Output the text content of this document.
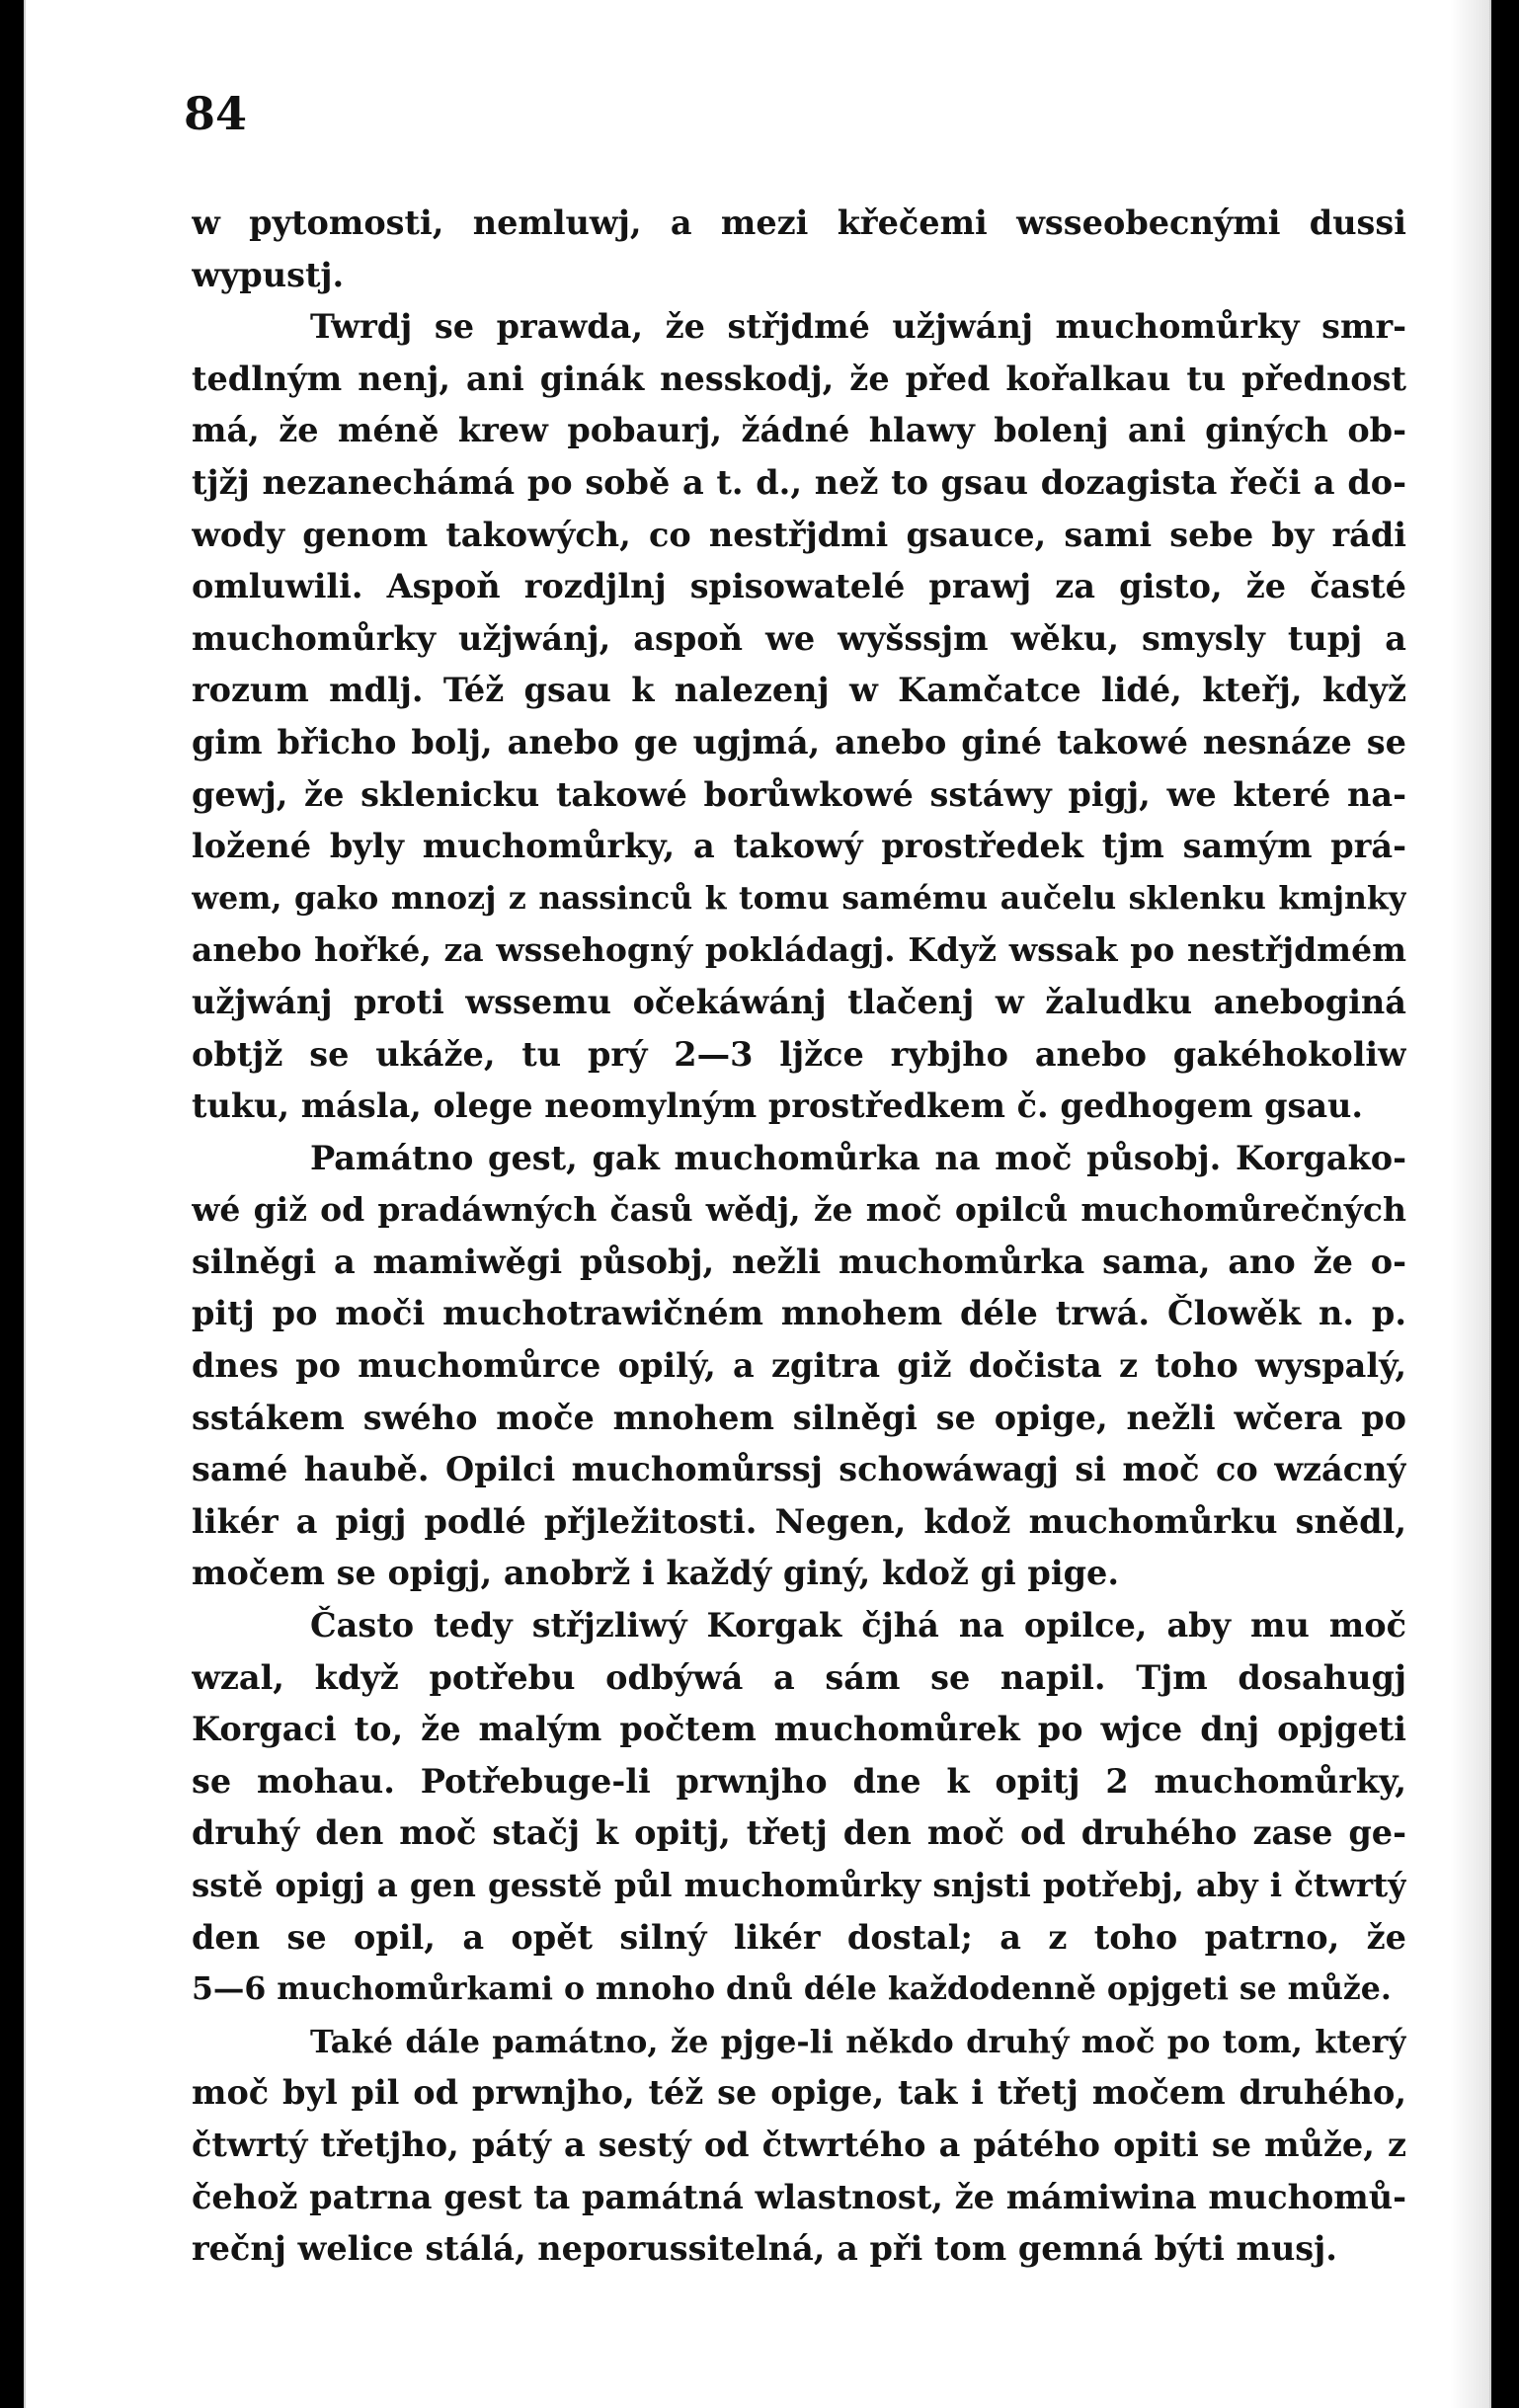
84
w pytomosti, nemluwj, a mezi křečemi wsseobecnými dussi
wypustj.
Twrdj se prawda, že střjdmé užjwánj muchomůrky smr-
tedlným nenj, ani ginák nesskodj, že před kořalkau tu přednost
má, že méně krew pobaurj, žádné hlawy bolenj ani giných ob-
tjžj nezanechámá po sobě a t. d., než to gsau dozagista řeči a do-
wody genom takowých, co nestřjdmi gsauce, sami sebe by rádi
omluwili. Aspoň rozdjlnj spisowatelé prawj za gisto, že časté
muchomůrky užjwánj, aspoň we wyšssjm wěku, smysly tupj a
rozum mdlj. Též gsau k nalezenj w Kamčatce lidé, kteřj, když
gim břicho bolj, anebo ge ugjmá, anebo giné takowé nesnáze se
gewj, že sklenicku takowé borůwkowé sstáwy pigj, we které na-
ložené byly muchomůrky, a takowý prostředek tjm samým prá-
wem, gako mnozj z nassinců k tomu samému aučelu sklenku kmjnky
anebo hořké, za wssehogný pokládagj. Když wssak po nestřjdmém
užjwánj proti wssemu očekáwánj tlačenj w žaludku aneboginá
obtjž se ukáže, tu prý 2—3 ljžce rybjho anebo gakéhokoliw
tuku, másla, olege neomylným prostředkem č. gedhogem gsau.
Památno gest, gak muchomůrka na moč působj. Korgako-
wé giž od pradáwných časů wědj, že moč opilců muchomůrečných
silněgi a mamiwěgi působj, nežli muchomůrka sama, ano že o-
pitj po moči muchotrawičném mnohem déle trwá. Člowěk n. p.
dnes po muchomůrce opilý, a zgitra giž dočista z toho wyspalý,
sstákem swého moče mnohem silněgi se opige, nežli wčera po
samé haubě. Opilci muchomůrssj schowáwagj si moč co wzácný
likér a pigj podlé přjležitosti. Negen, kdož muchomůrku snědl,
močem se opigj, anobrž i každý giný, kdož gi pige.
Často tedy střjzliwý Korgak čjhá na opilce, aby mu moč
wzal, když potřebu odbýwá a sám se napil. Tjm dosahugj
Korgaci to, že malým počtem muchomůrek po wjce dnj opjgeti
se mohau. Potřebuge-li prwnjho dne k opitj 2 muchomůrky,
druhý den moč stačj k opitj, třetj den moč od druhého zase ge-
sstě opigj a gen gesstě půl muchomůrky snjsti potřebj, aby i čtwrtý
den se opil, a opět silný likér dostal; a z toho patrno, že
5—6 muchomůrkami o mnoho dnů déle každodenně opjgeti se může.
Také dále památno, že pjge-li někdo druhý moč po tom, který
moč byl pil od prwnjho, též se opige, tak i třetj močem druhého,
čtwrtý třetjho, pátý a sestý od čtwrtého a pátého opiti se může, z
čehož patrna gest ta památná wlastnost, že mámiwina muchomů-
rečnj welice stálá, neporussitelná, a při tom gemná býti musj.
